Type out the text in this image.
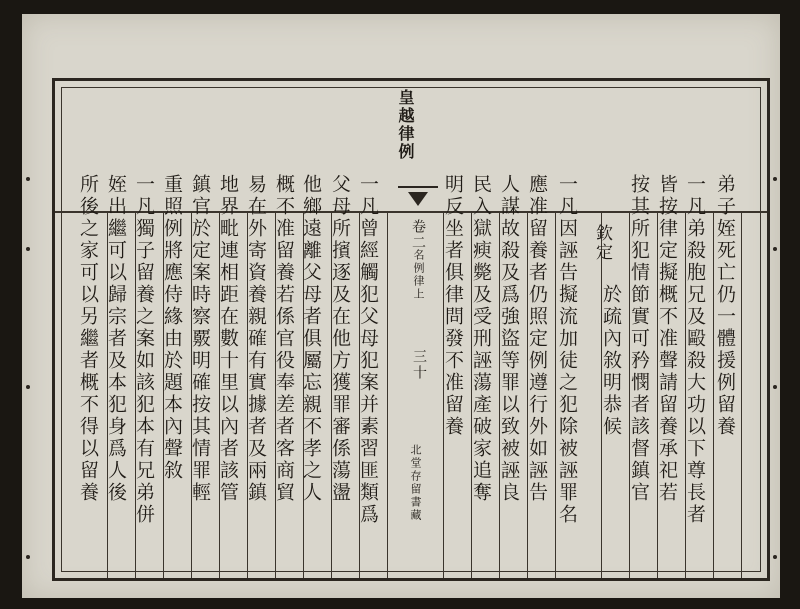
皇越律例
卷二
名例律上
三十
北堂存留書藏
欽定	弟子姪死亡仍一體援例留養
一凡弟殺胞兄及毆殺大功以下尊長者
皆按律定擬概不准聲請留養承祀若
按其所犯情節實可矜憫者該督鎮官
於疏內敘明恭候
一凡因誣告擬流加徒之犯除被誣罪名
應准留養者仍照定例遵行外如誣告
人謀故殺及爲強盜等罪以致被誣良
民入獄瘐斃及受刑誣蕩產破家追奪
明反坐者俱律問發不准留養
一凡曾經觸犯父母犯案并素習匪類爲
父母所擯逐及在他方獲罪審係蕩盪
他鄉遠離父母者俱屬忘親不孝之人
概不准留養若係官役奉差者客商貿
易在外寄資養親確有實據者及兩鎮
地界毗連相距在數十里以內者該管
鎮官於定案時察覈明確按其情罪輕
重照例將應侍緣由於題本內聲敘
一凡獨子留養之案如該犯本有兄弟併
姪出繼可以歸宗者及本犯身爲人後
所後之家可以另繼者概不得以留養
